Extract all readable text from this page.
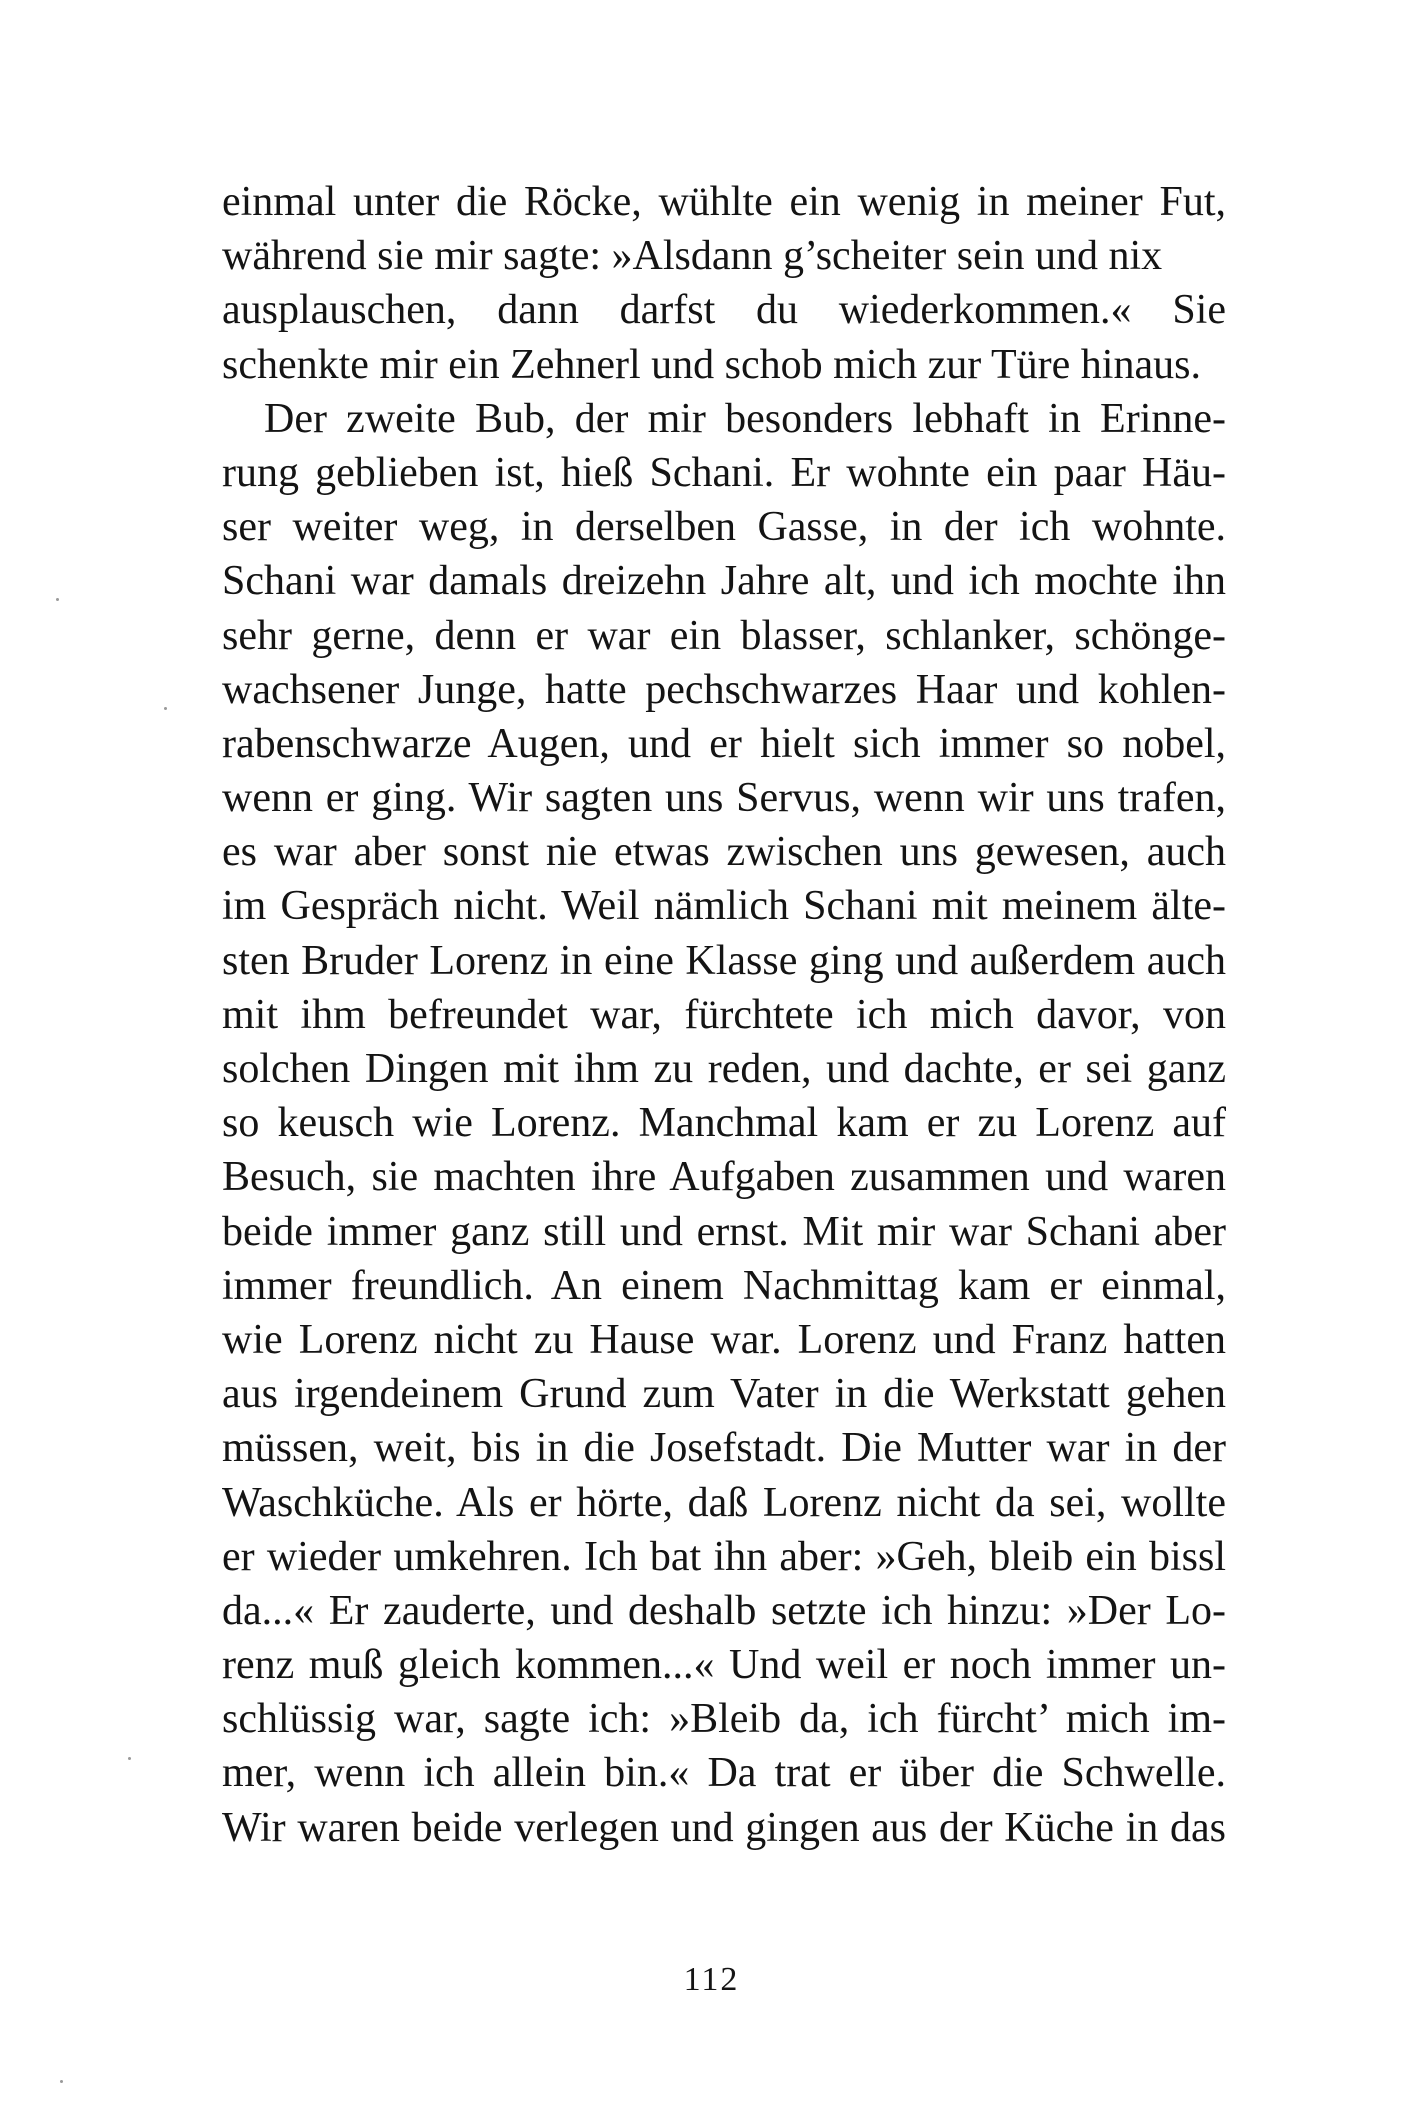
einmal unter die Röcke, wühlte ein wenig in meiner Fut,
während sie mir sagte: »Alsdann g’scheiter sein und nix
ausplauschen, dann darfst du wiederkommen.« Sie
schenkte mir ein Zehnerl und schob mich zur Türe hinaus.
Der zweite Bub, der mir besonders lebhaft in Erinne-
rung geblieben ist, hieß Schani. Er wohnte ein paar Häu-
ser weiter weg, in derselben Gasse, in der ich wohnte.
Schani war damals dreizehn Jahre alt, und ich mochte ihn
sehr gerne, denn er war ein blasser, schlanker, schönge-
wachsener Junge, hatte pechschwarzes Haar und kohlen-
rabenschwarze Augen, und er hielt sich immer so nobel,
wenn er ging. Wir sagten uns Servus, wenn wir uns trafen,
es war aber sonst nie etwas zwischen uns gewesen, auch
im Gespräch nicht. Weil nämlich Schani mit meinem älte-
sten Bruder Lorenz in eine Klasse ging und außerdem auch
mit ihm befreundet war, fürchtete ich mich davor, von
solchen Dingen mit ihm zu reden, und dachte, er sei ganz
so keusch wie Lorenz. Manchmal kam er zu Lorenz auf
Besuch, sie machten ihre Aufgaben zusammen und waren
beide immer ganz still und ernst. Mit mir war Schani aber
immer freundlich. An einem Nachmittag kam er einmal,
wie Lorenz nicht zu Hause war. Lorenz und Franz hatten
aus irgendeinem Grund zum Vater in die Werkstatt gehen
müssen, weit, bis in die Josefstadt. Die Mutter war in der
Waschküche. Als er hörte, daß Lorenz nicht da sei, wollte
er wieder umkehren. Ich bat ihn aber: »Geh, bleib ein bissl
da...« Er zauderte, und deshalb setzte ich hinzu: »Der Lo-
renz muß gleich kommen...« Und weil er noch immer un-
schlüssig war, sagte ich: »Bleib da, ich fürcht’ mich im-
mer, wenn ich allein bin.« Da trat er über die Schwelle.
Wir waren beide verlegen und gingen aus der Küche in das
112
